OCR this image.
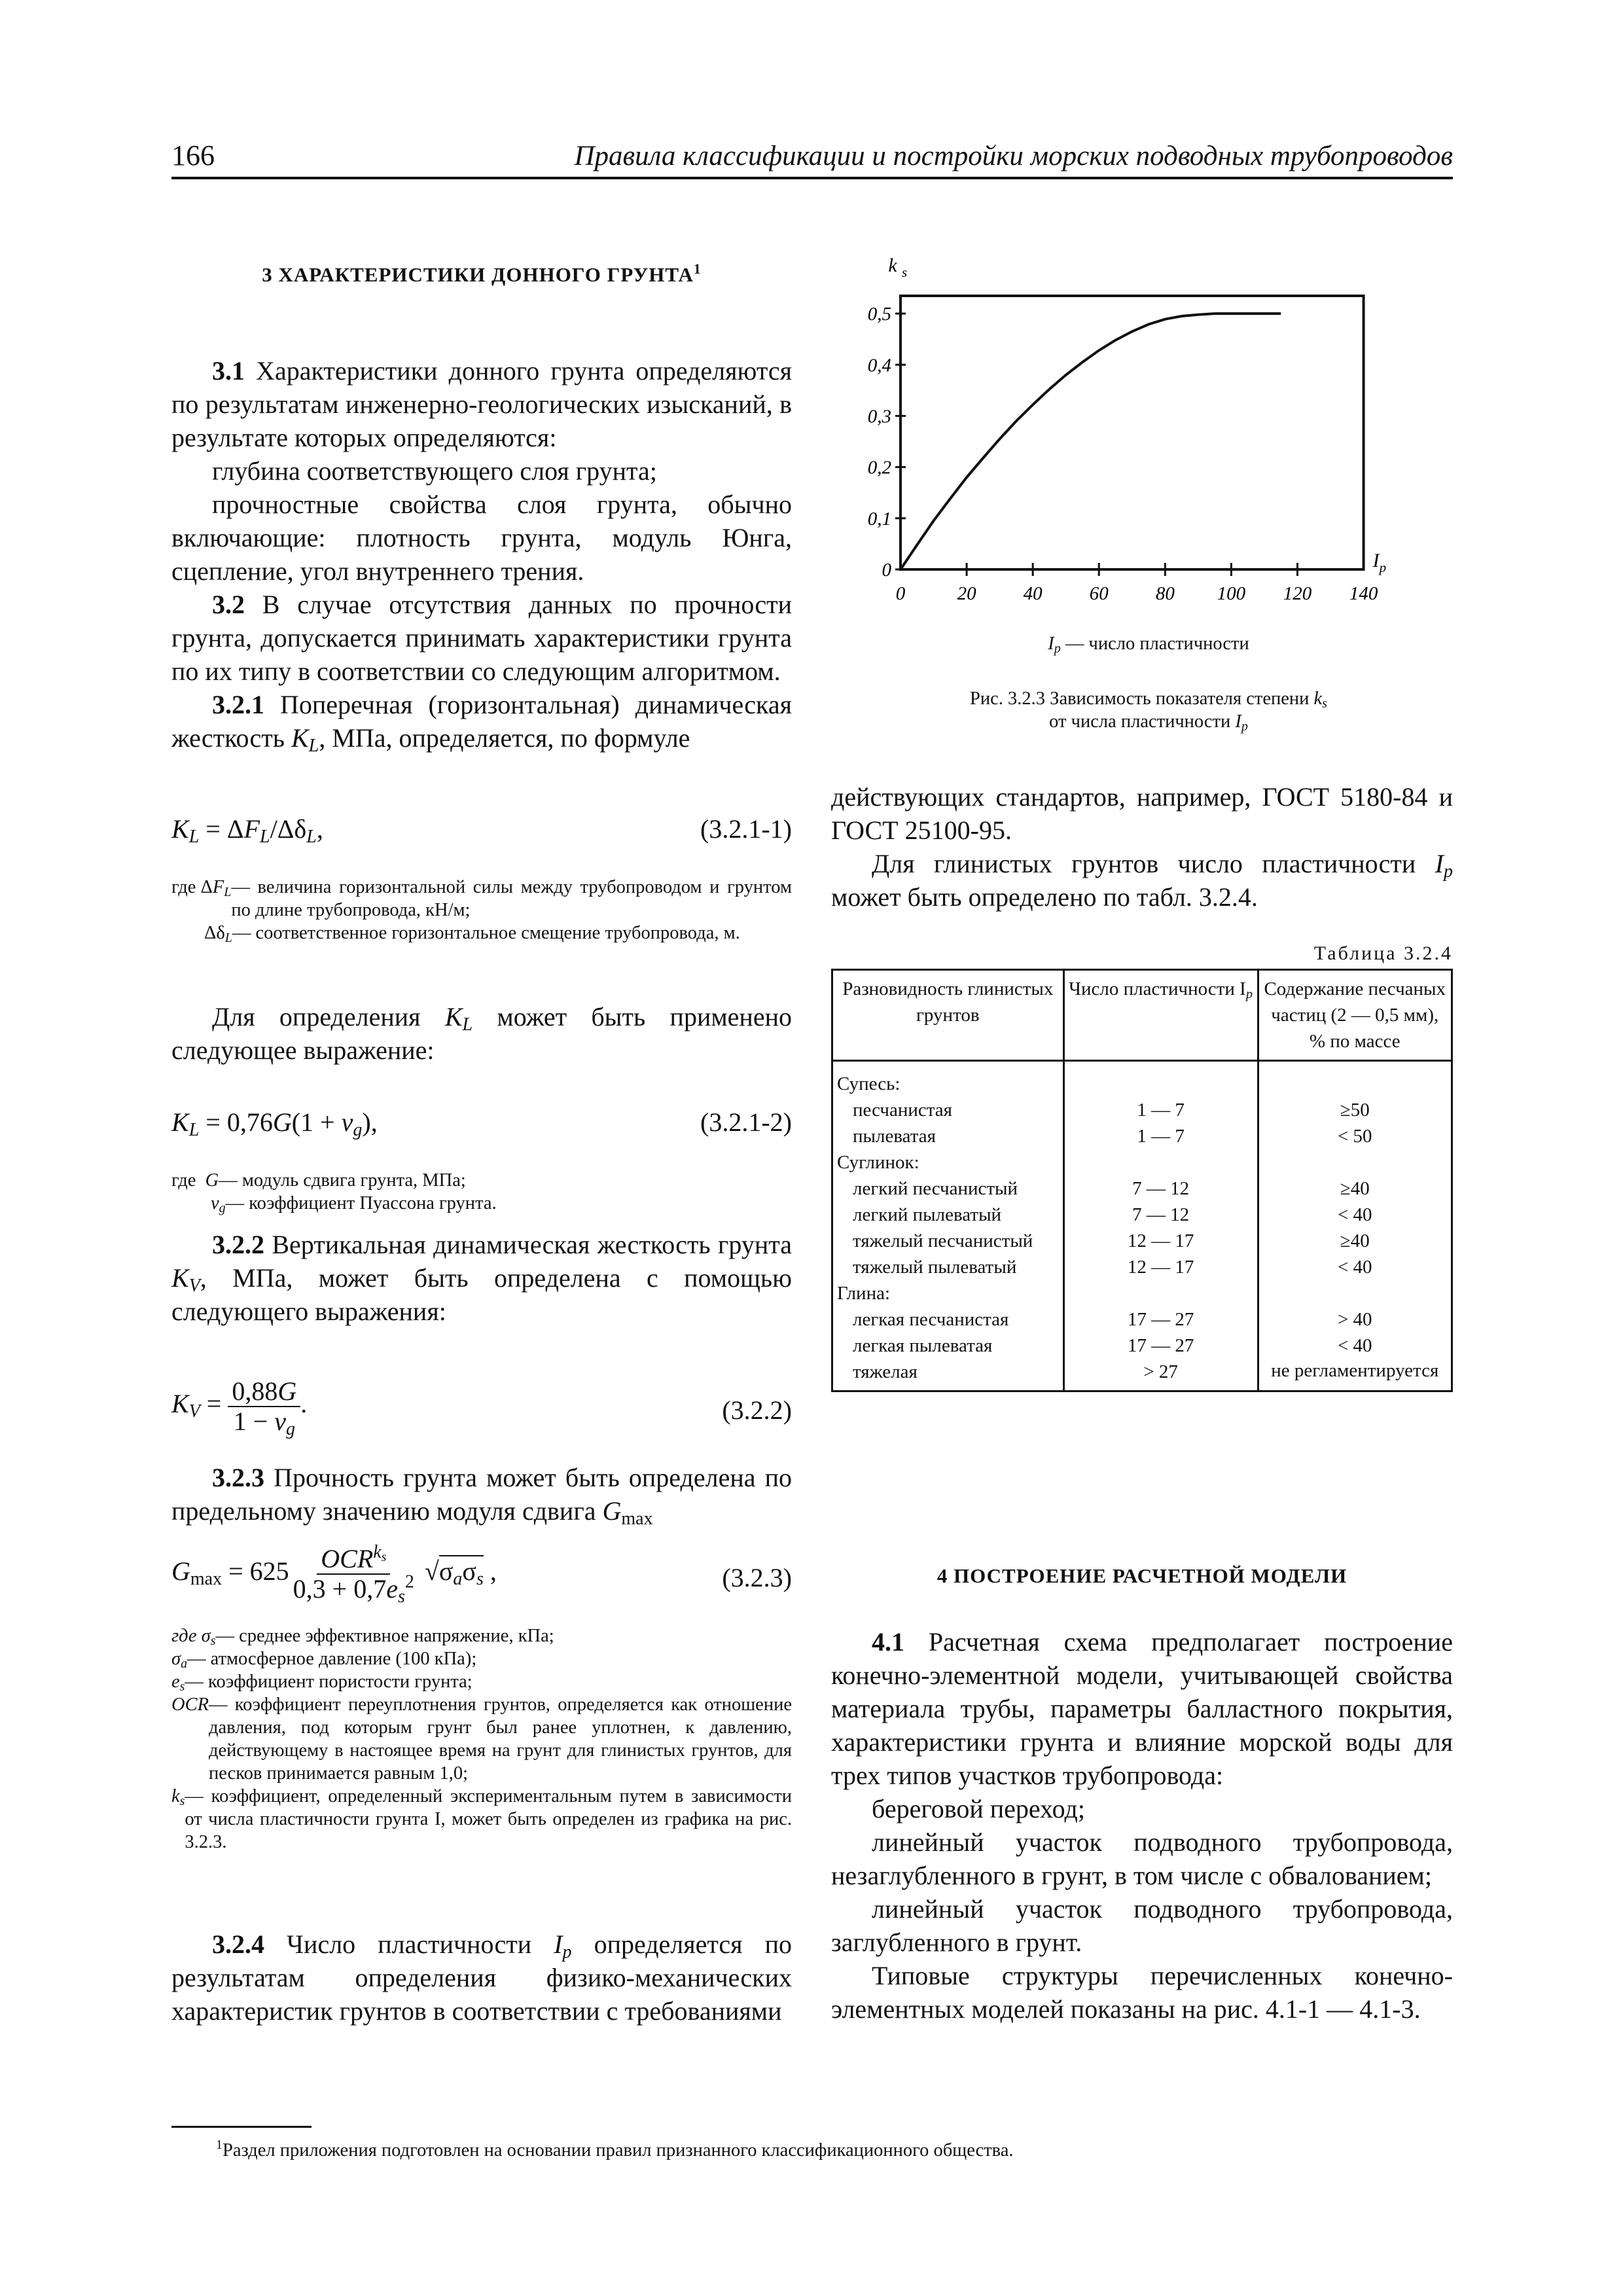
166	Правила классификации и постройки морских подводных трубопроводов
3 ХАРАКТЕРИСТИКИ ДОННОГО ГРУНТА$^1$

3.1 Характеристики донного грунта определяются по результатам инженерно-геологических изысканий, в результате которых определяются:

глубина соответствующего слоя грунта;

прочностные свойства слоя грунта, обычно включающие: плотность грунта, модуль Юнга, сцепление, угол внутреннего трения.

3.2 В случае отсутствия данных по прочности грунта, допускается принимать характеристики грунта по их типу в соответствии со следующим алгоритмом.

3.2.1 Поперечная (горизонтальная) динамическая жесткость $K_L$, МПа, определяется, по формуле

$K_L = \Delta F_L/\Delta\delta_L$,	(3.2.1-1)
где $\Delta F_L$ — величина горизонтальной силы между трубопроводом и грунтом по длине трубопровода, кН/м;
$\Delta\delta_L$ — соответственное горизонтальное смещение трубопровода, м.

Для определения $K_L$ может быть применено следующее выражение:

$K_L = 0,76G(1 + v_g)$,	(3.2.1-2)
где  G — модуль сдвига грунта, МПа;
$v_g$ — коэффициент Пуассона грунта.

3.2.2 Вертикальная динамическая жесткость грунта $K_V$, МПа, может быть определена с помощью следующего выражения:

$K_V = \frac{0,88G}{1 - v_g}$ .	(3.2.2)

3.2.3 Прочность грунта может быть определена по предельному значению модуля сдвига $G_{max}$

$G_{max} = 625 \frac{OCR^{k_s}}{0,3 + 0,7e_s^2} √\sigma_a\sigma_s$ ,	(3.2.3)
где $\sigma_s$ — среднее эффективное напряжение, кПа;
$\sigma_a$ — атмосферное давление (100 кПа);
$e_s$ — коэффициент пористости грунта;
OCR — коэффициент переуплотнения грунтов, определяется как отношение давления, под которым грунт был ранее уплотнен, к давлению, действующему в настоящее время на грунт для глинистых грунтов, для песков принимается равным 1,0;
$k_s$ — коэффициент, определенный экспериментальным путем в зависимости от числа пластичности грунта I, может быть определен из графика на рис. 3.2.3.

3.2.4 Число пластичности $I_p$ определяется по результатам определения физико-механических характеристик грунтов в соответствии с требованиями

0
0,1
0,2
0,3
0,4
0,5
0	20 40 60 80 100 120 140
k s
I p
$I_p$ — число пластичности
Рис. 3.2.3 Зависимость показателя степени $k_s$
от числа пластичности $I_p$

действующих стандартов, например, ГОСТ 5180-84 и ГОСТ 25100-95.

Для глинистых грунтов число пластичности $I_p$ может быть определено по табл. 3.2.4.

Таблица 3.2.4
Разновидность глинистых грунтов	Число пластичности $I_p$	Содержание песчаных частиц (2 — 0,5 мм), % по массе
Супесь:		
песчанистая	1 — 7	≥50
пылеватая	1 — 7	< 50
Суглинок:		
легкий песчанистый	7 — 12	≥40
легкий пылеватый	7 — 12	< 40
тяжелый песчанистый	12 — 17	≥40
тяжелый пылеватый	12 — 17	< 40
Глина:		
легкая песчанистая	17 — 27	> 40
легкая пылеватая	17 — 27	< 40
тяжелая	> 27	не регламентируется
4 ПОСТРОЕНИЕ РАСЧЕТНОЙ МОДЕЛИ

4.1 Расчетная схема предполагает построение конечно-элементной модели, учитывающей свойства материала трубы, параметры балластного покрытия, характеристики грунта и влияние морской воды для трех типов участков трубопровода:

береговой переход;

линейный участок подводного трубопровода, незаглубленного в грунт, в том числе с обвалованием;

линейный участок подводного трубопровода, заглубленного в грунт.

Типовые структуры перечисленных конечно-элементных моделей показаны на рис. 4.1-1 — 4.1-3.

$^1$Раздел приложения подготовлен на основании правил признанного классификационного общества.
